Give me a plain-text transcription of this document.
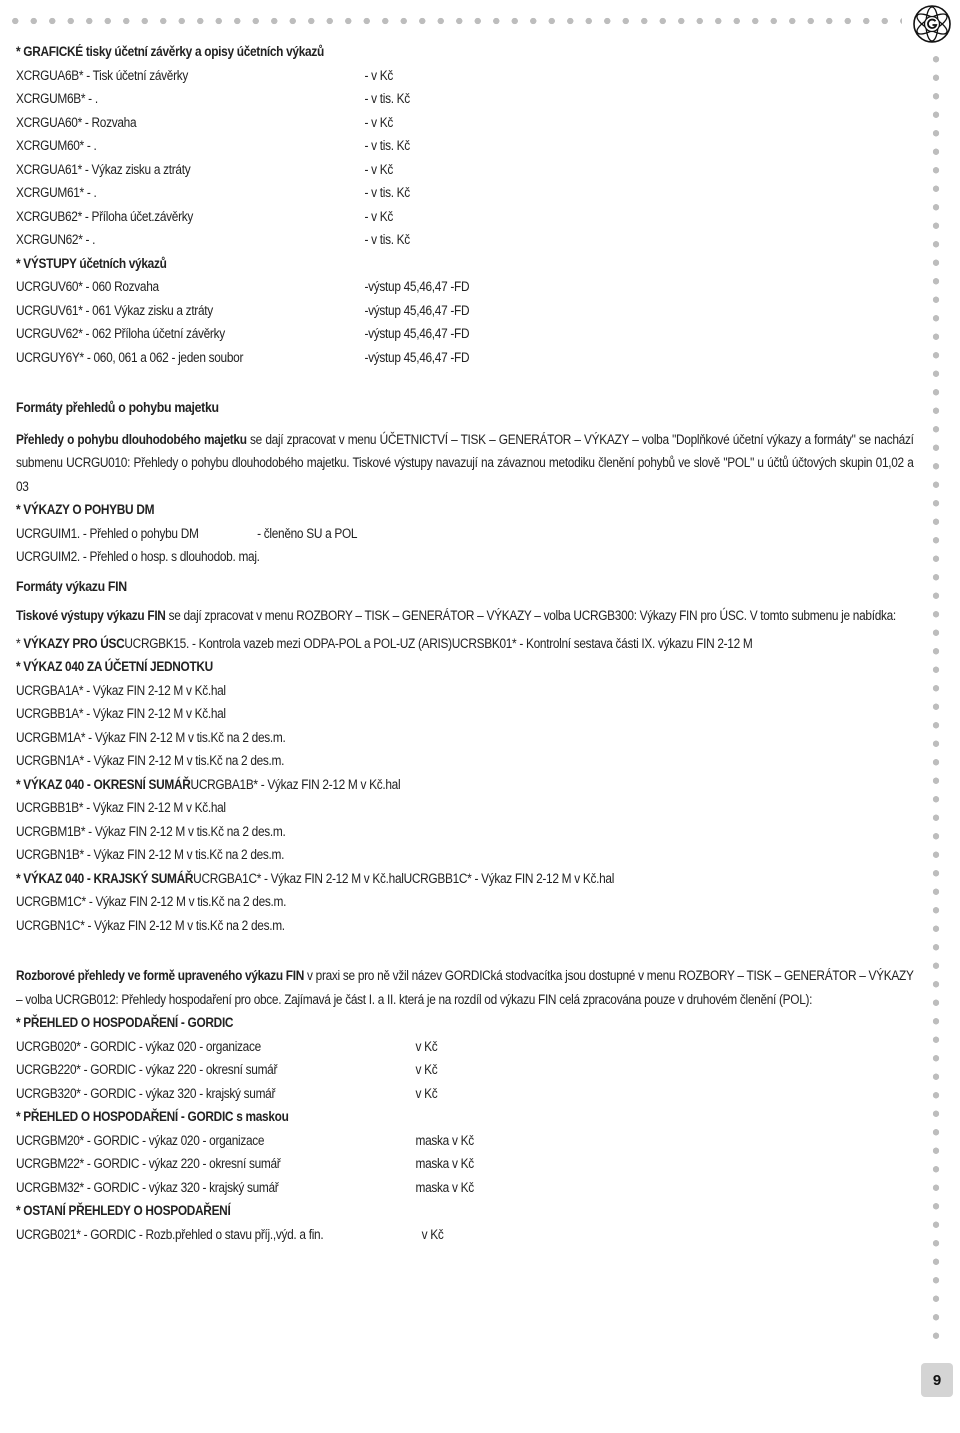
9
* GRAFICKÉ tisky účetní závěrky a opisy účetních výkazů
XCRGUA6B* - Tisk účetní závěrky	- v Kč
XCRGUM6B* - .	- v tis. Kč
XCRGUA60* - Rozvaha	- v Kč
XCRGUM60* - .	- v tis. Kč
XCRGUA61* - Výkaz zisku a ztráty	- v Kč
XCRGUM61* - .	- v tis. Kč
XCRGUB62* - Příloha účet.závěrky	- v Kč
XCRGUN62* - .	- v tis. Kč
* VÝSTUPY účetních výkazů
UCRGUV60* - 060 Rozvaha	-výstup 45,46,47 -FD
UCRGUV61* - 061 Výkaz zisku a ztráty	-výstup 45,46,47 -FD
UCRGUV62* - 062 Příloha účetní závěrky	-výstup 45,46,47 -FD
UCRGUY6Y* - 060, 061 a 062 - jeden soubor	-výstup 45,46,47 -FD
Formáty přehledů o pohybu majetku
Přehledy o pohybu dlouhodobého majetku se dají zpracovat v menu ÚČETNICTVÍ – TISK – GENERÁTOR – VÝKAZY – volba "Doplňkové účetní výkazy a formáty" se nachází submenu UCRGU010: Přehledy o pohybu dlouhodobého majetku. Tiskové výstupy navazují na závaznou metodiku členění pohybů ve slově "POL" u účtů účtových skupin 01,02 a 03
* VÝKAZY O POHYBU DM
UCRGUIM1. - Přehled o pohybu DM	- členěno SU a POL
UCRGUIM2. - Přehled o hosp. s dlouhodob. maj.
Formáty výkazu FIN
Tiskové výstupy výkazu FIN se dají zpracovat v menu ROZBORY – TISK – GENERÁTOR – VÝKAZY – volba UCRGB300: Výkazy FIN pro ÚSC. V tomto submenu je nabídka:
* VÝKAZY PRO ÚSC UCRGBK15. - Kontrola vazeb mezi ODPA-POL a POL-UZ (ARIS)UCRSBK01* - Kontrolní sestava části IX. výkazu FIN 2-12 M
* VÝKAZ 040 ZA ÚČETNÍ JEDNOTKU
UCRGBA1A* - Výkaz FIN 2-12 M v Kč.hal
UCRGBB1A* - Výkaz FIN 2-12 M v Kč.hal
UCRGBM1A* - Výkaz FIN 2-12 M v tis.Kč na 2 des.m.
UCRGBN1A* - Výkaz FIN 2-12 M v tis.Kč na 2 des.m.
* VÝKAZ 040 - OKRESNÍ SUMÁŘ UCRGBA1B* - Výkaz FIN 2-12 M v Kč.hal
UCRGBB1B* - Výkaz FIN 2-12 M v Kč.hal
UCRGBM1B* - Výkaz FIN 2-12 M v tis.Kč na 2 des.m.
UCRGBN1B* - Výkaz FIN 2-12 M v tis.Kč na 2 des.m.
* VÝKAZ 040 - KRAJSKÝ SUMÁŘ UCRGBA1C* - Výkaz FIN 2-12 M v Kč.halUCRGBB1C* - Výkaz FIN 2-12 M v Kč.hal
UCRGBM1C* - Výkaz FIN 2-12 M v tis.Kč na 2 des.m.
UCRGBN1C* - Výkaz FIN 2-12 M v tis.Kč na 2 des.m.
Rozborové přehledy ve formě upraveného výkazu FIN v praxi se pro ně vžil název GORDICká stodvacítka jsou dostupné v menu ROZBORY – TISK – GENERÁTOR – VÝKAZY – volba UCRGB012: Přehledy hospodaření pro obce. Zajímavá je část I. a II. která je na rozdíl od výkazu FIN celá zpracována pouze v druhovém členění (POL):
* PŘEHLED O HOSPODAŘENÍ - GORDIC
UCRGB020* - GORDIC - výkaz 020 - organizace	v Kč
UCRGB220* - GORDIC - výkaz 220 - okresní sumář	v Kč
UCRGB320* - GORDIC - výkaz 320 - krajský sumář	v Kč
* PŘEHLED O HOSPODAŘENÍ - GORDIC s maskou
UCRGBM20* - GORDIC - výkaz 020 - organizace	maska v Kč
UCRGBM22* - GORDIC - výkaz 220 - okresní sumář	maska v Kč
UCRGBM32* - GORDIC - výkaz 320 - krajský sumář	maska v Kč
* OSTANÍ PŘEHLEDY O HOSPODAŘENÍ
UCRGB021* - GORDIC - Rozb.přehled o stavu příj.,výd. a fin.	v Kč
